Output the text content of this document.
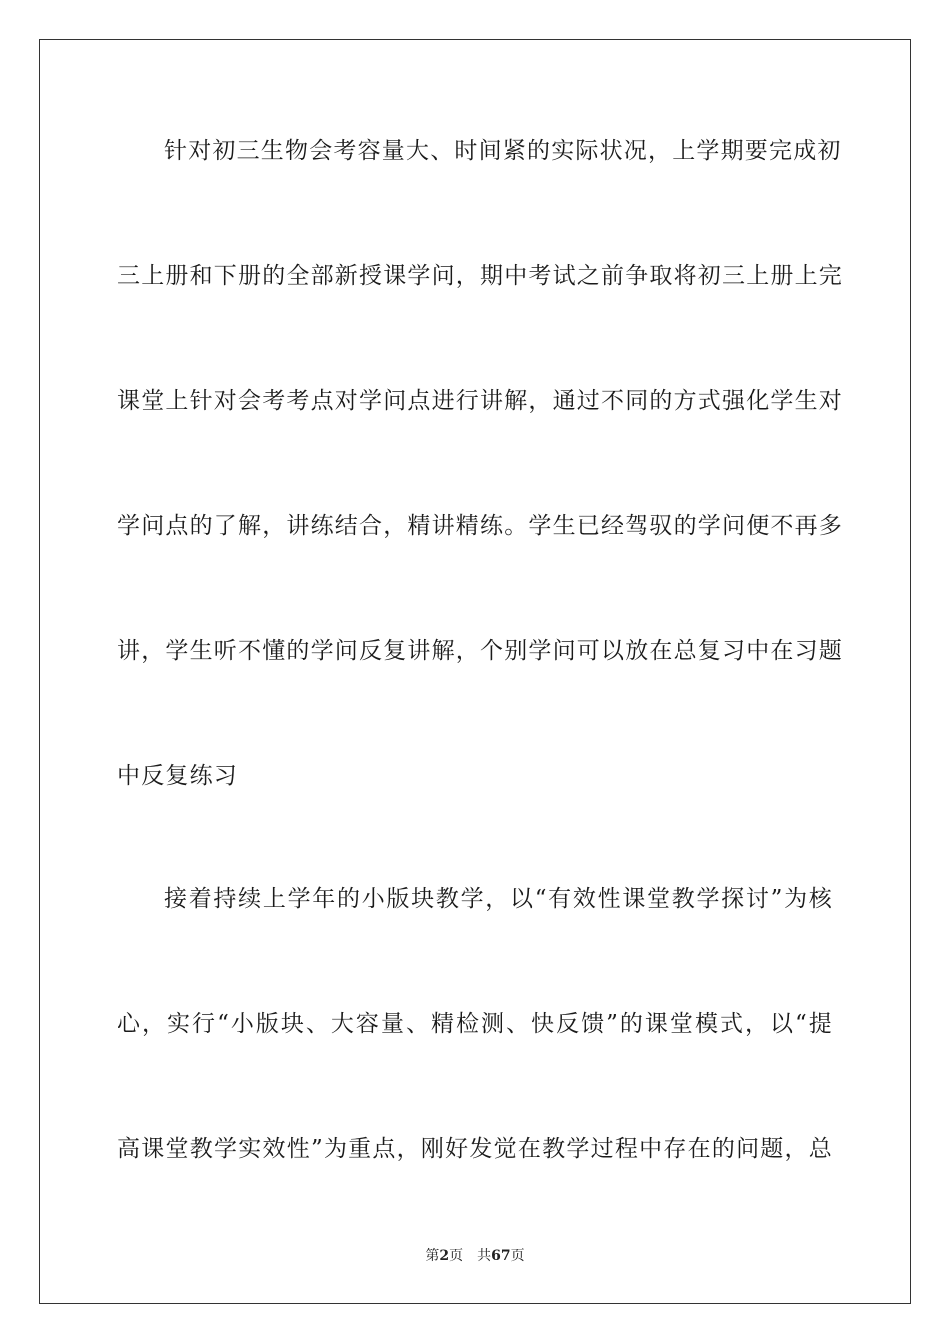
针对初三生物会考容量大、时间紧的实际状况，上学期要完成初
三上册和下册的全部新授课学问，期中考试之前争取将初三上册上完
课堂上针对会考考点对学问点进行讲解，通过不同的方式强化学生对
学问点的了解，讲练结合，精讲精练。学生已经驾驭的学问便不再多
讲，学生听不懂的学问反复讲解，个别学问可以放在总复习中在习题
中反复练习
接着持续上学年的小版块教学，以“有效性课堂教学探讨”为核
心，实行“小版块、大容量、精检测、快反馈”的课堂模式，以“提
高课堂教学实效性”为重点，刚好发觉在教学过程中存在的问题，总
第2页 共67页
